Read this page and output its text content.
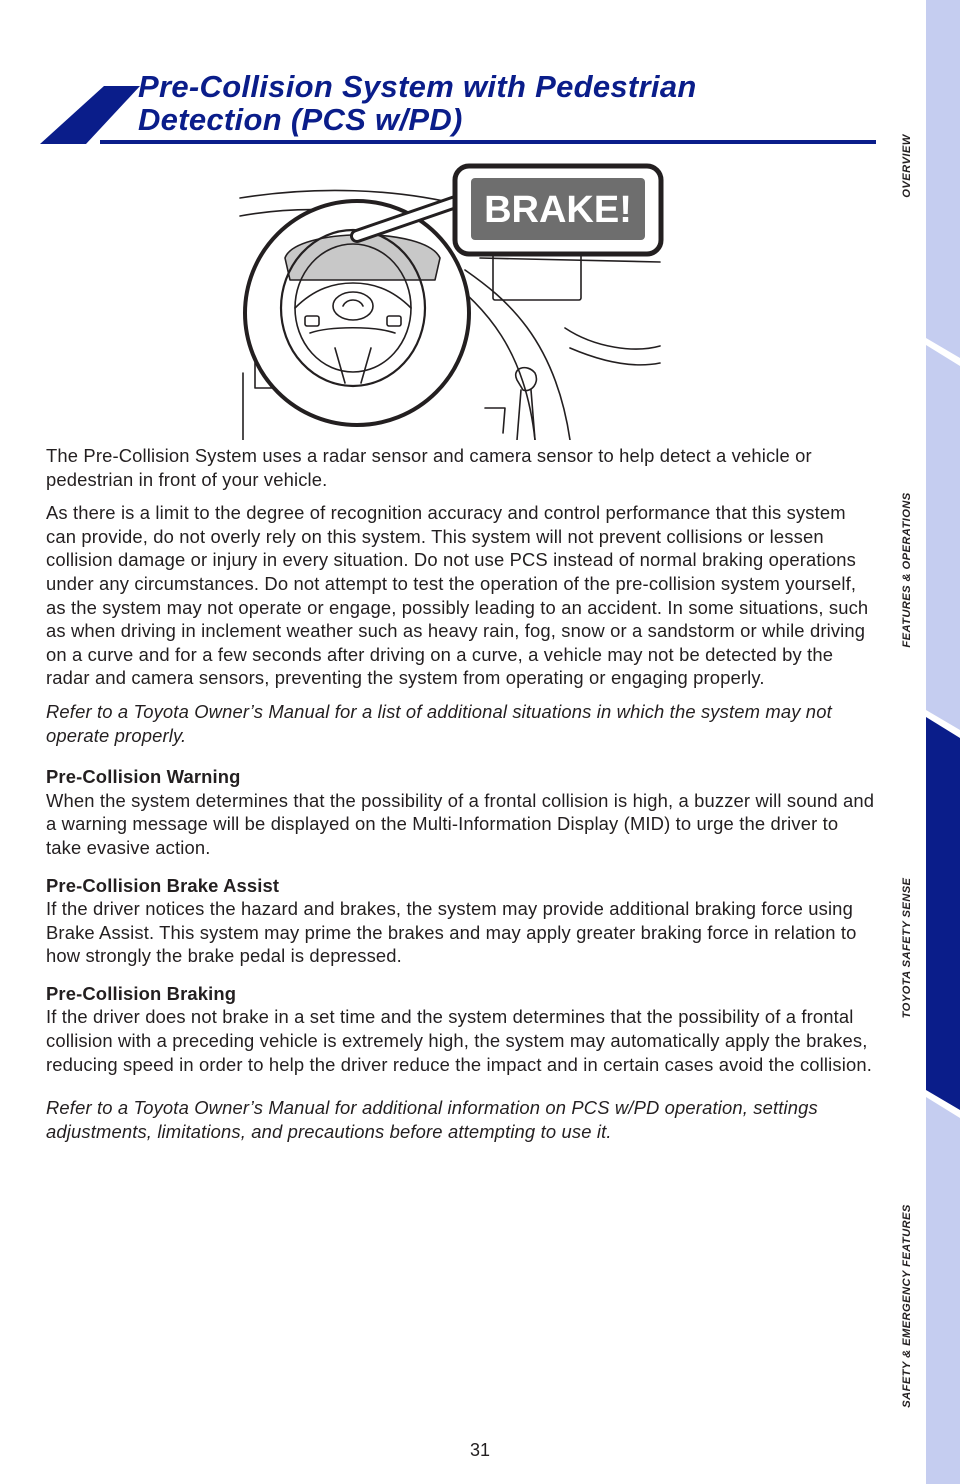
Pre-Collision System with Pedestrian
Detection (PCS w/PD)
BRAKE!

The Pre-Collision System uses a radar sensor and camera sensor to help detect a vehicle or pedestrian in front of your vehicle.

As there is a limit to the degree of recognition accuracy and control performance that this system can provide, do not overly rely on this system. This system will not prevent collisions or lessen collision damage or injury in every situation. Do not use PCS instead of normal braking operations under any circumstances. Do not attempt to test the operation of the pre-collision system yourself, as the system may not operate or engage, possibly leading to an accident. In some situations, such as when driving in inclement weather such as heavy rain, fog, snow or a sandstorm or while driving on a curve and for a few seconds after driving on a curve, a vehicle may not be detected by the radar and camera sensors, preventing the system from operating or engaging properly.

Refer to a Toyota Owner’s Manual for a list of additional situations in which the system may not operate properly.

Pre-Collision Warning

When the system determines that the possibility of a frontal collision is high, a buzzer will sound and a warning message will be displayed on the Multi-Information Display (MID) to urge the driver to take evasive action.

Pre-Collision Brake Assist

If the driver notices the hazard and brakes, the system may provide additional braking force using Brake Assist. This system may prime the brakes and may apply greater braking force in relation to how strongly the brake pedal is depressed.

Pre-Collision Braking

If the driver does not brake in a set time and the system determines that the possibility of a frontal collision with a preceding vehicle is extremely high, the system may automatically apply the brakes, reducing speed in order to help the driver reduce the impact and in certain cases avoid the collision.

Refer to a Toyota Owner’s Manual for additional information on PCS w/PD operation, settings adjustments, limitations, and precautions before attempting to use it.

31
OVERVIEW
FEATURES & OPERATIONS
TOYOTA SAFETY SENSE
SAFETY & EMERGENCY FEATURES
